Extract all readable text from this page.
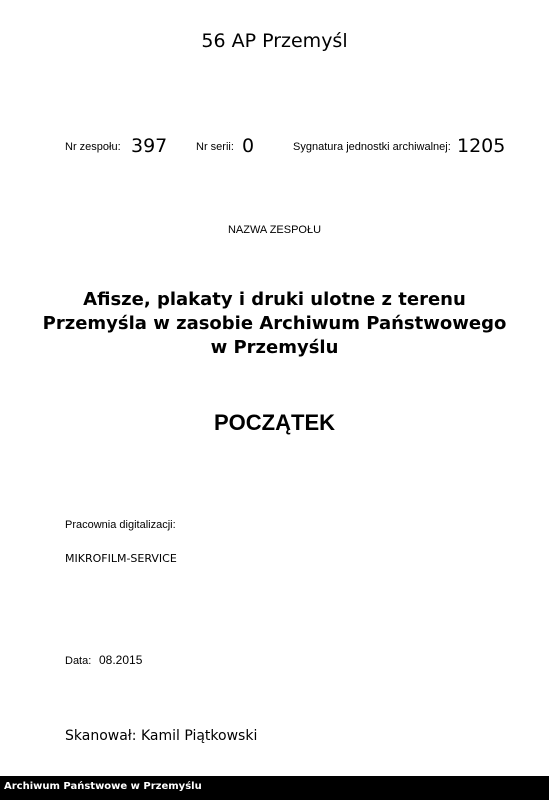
56 AP Przemyśl
Nr zespołu: 397	Nr serii: 0	Sygnatura jednostki archiwalnej: 1205
NAZWA ZESPOŁU
Afisze, plakaty i druki ulotne z terenu
Przemyśla w zasobie Archiwum Państwowego
w Przemyślu
POCZĄTEK
Pracownia digitalizacji:
MIKROFILM-SERVICE
Data: 08.2015
Skanował: Kamil Piątkowski
Archiwum Państwowe w Przemyślu
